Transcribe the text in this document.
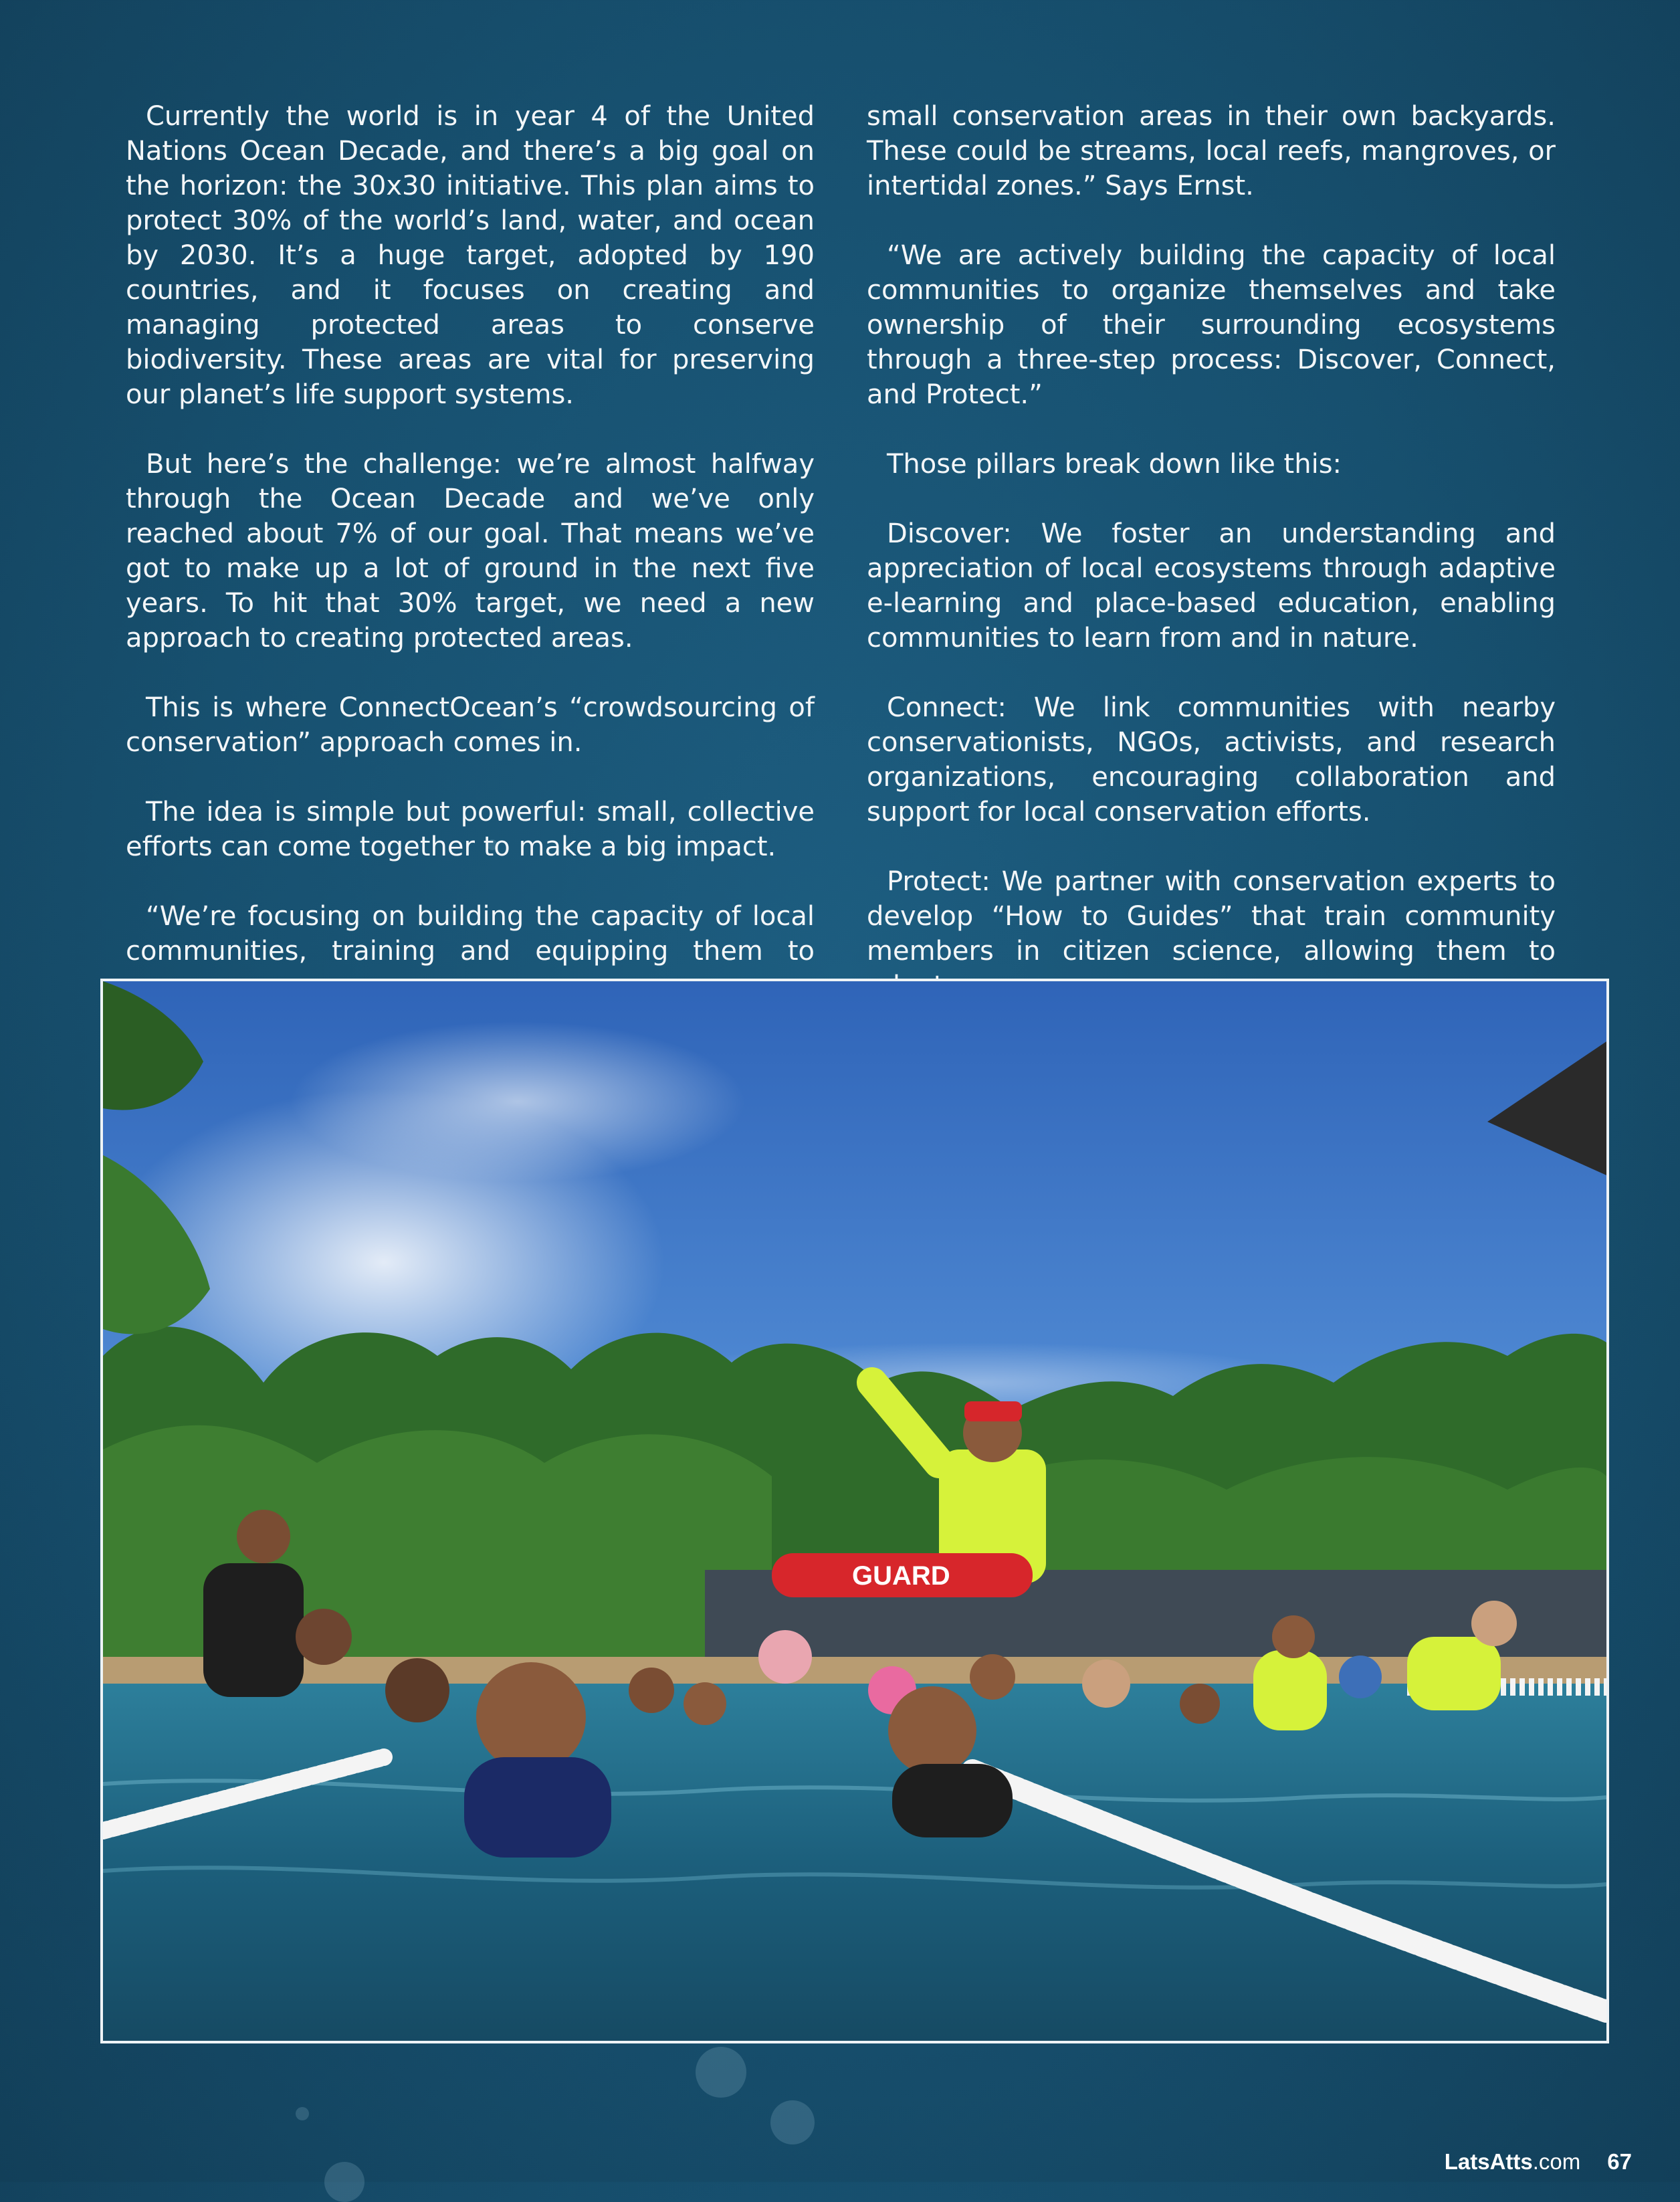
Currently the world is in year 4 of the United Nations Ocean Decade, and there’s a big goal on the horizon: the 30x30 initiative. This plan aims to protect 30% of the world’s land, water, and ocean by 2030. It’s a huge target, adopted by 190 countries, and it focuses on creating and managing protected areas to conserve biodiversity. These areas are vital for preserving our planet’s life support systems.

But here’s the challenge: we’re almost halfway through the Ocean Decade and we’ve only reached about 7% of our goal. That means we’ve got to make up a lot of ground in the next five years. To hit that 30% target, we need a new approach to creating protected areas.

This is where ConnectOcean’s “crowdsourcing of conservation” approach comes in.

The idea is simple but powerful: small, collective efforts can come together to make a big impact.

“We’re focusing on building the capacity of local communities, training and equipping them to

small conservation areas in their own backyards. These could be streams, local reefs, mangroves, or intertidal zones.” Says Ernst.

“We are actively building the capacity of local communities to organize themselves and take ownership of their surrounding ecosystems through a three-step process: Discover, Connect, and Protect.”

Those pillars break down like this:

Discover: We foster an understanding and appreciation of local ecosystems through adaptive e-learning and place-based education, enabling communities to learn from and in nature.

Connect: We link communities with nearby conservationists, NGOs, activists, and research organizations, encouraging collaboration and support for local conservation efforts.

Protect: We partner with conservation experts to develop “How to Guides” that train community members in citizen science, allowing them to

GUARD
LatsAtts.com 67
